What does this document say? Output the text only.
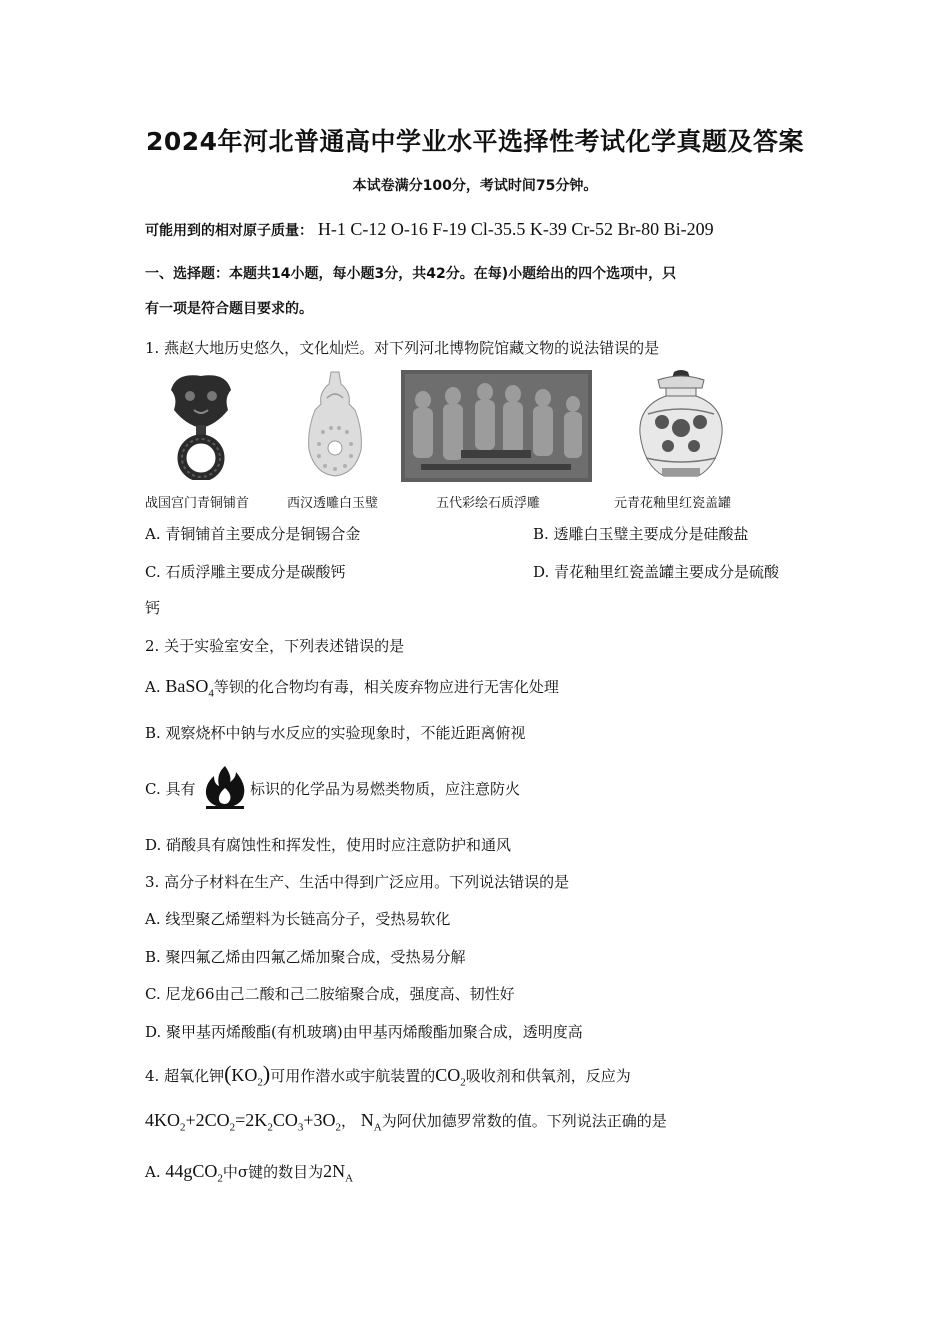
2024年河北普通高中学业水平选择性考试化学真题及答案
本试卷满分100分，考试时间75分钟。
可能用到的相对原子质量： H-1 C-12 O-16 F-19 Cl-35.5 K-39 Cr-52 Br-80 Bi-209
一、选择题：本题共14小题，每小题3分，共42分。在每)小题给出的四个选项中，只
有一项是符合题目要求的。
1. 燕赵大地历史悠久，文化灿烂。对下列河北博物院馆藏文物的说法错误的是
战国宫门青铜铺首	西汉透雕白玉璧	五代彩绘石质浮雕	元青花釉里红瓷盖罐
A. 青铜铺首主要成分是铜锡合金	B. 透雕白玉璧主要成分是硅酸盐
C. 石质浮雕主要成分是碳酸钙	D. 青花釉里红瓷盖罐主要成分是硫酸
钙
2. 关于实验室安全，下列表述错误的是
A. BaSO$_4$等钡的化合物均有毒，相关废弃物应进行无害化处理
B. 观察烧杯中钠与水反应的实验现象时，不能近距离俯视
C. 具有	标识的化学品为易燃类物质，应注意防火
D. 硝酸具有腐蚀性和挥发性，使用时应注意防护和通风
3. 高分子材料在生产、生活中得到广泛应用。下列说法错误的是
A. 线型聚乙烯塑料为长链高分子，受热易软化
B. 聚四氟乙烯由四氟乙烯加聚合成，受热易分解
C. 尼龙66由己二酸和己二胺缩聚合成，强度高、韧性好
D. 聚甲基丙烯酸酯(有机玻璃)由甲基丙烯酸酯加聚合成，透明度高
4. 超氧化钾$(KO_2)$可用作潜水或宇航装置的$CO_2$吸收剂和供氧剂，反应为
$4KO_2+2CO_2=2K_2CO_3+3O_2$， $N_A$为阿伏加德罗常数的值。下列说法正确的是
A. 44gCO$_2$中σ键的数目为$2N_A$
